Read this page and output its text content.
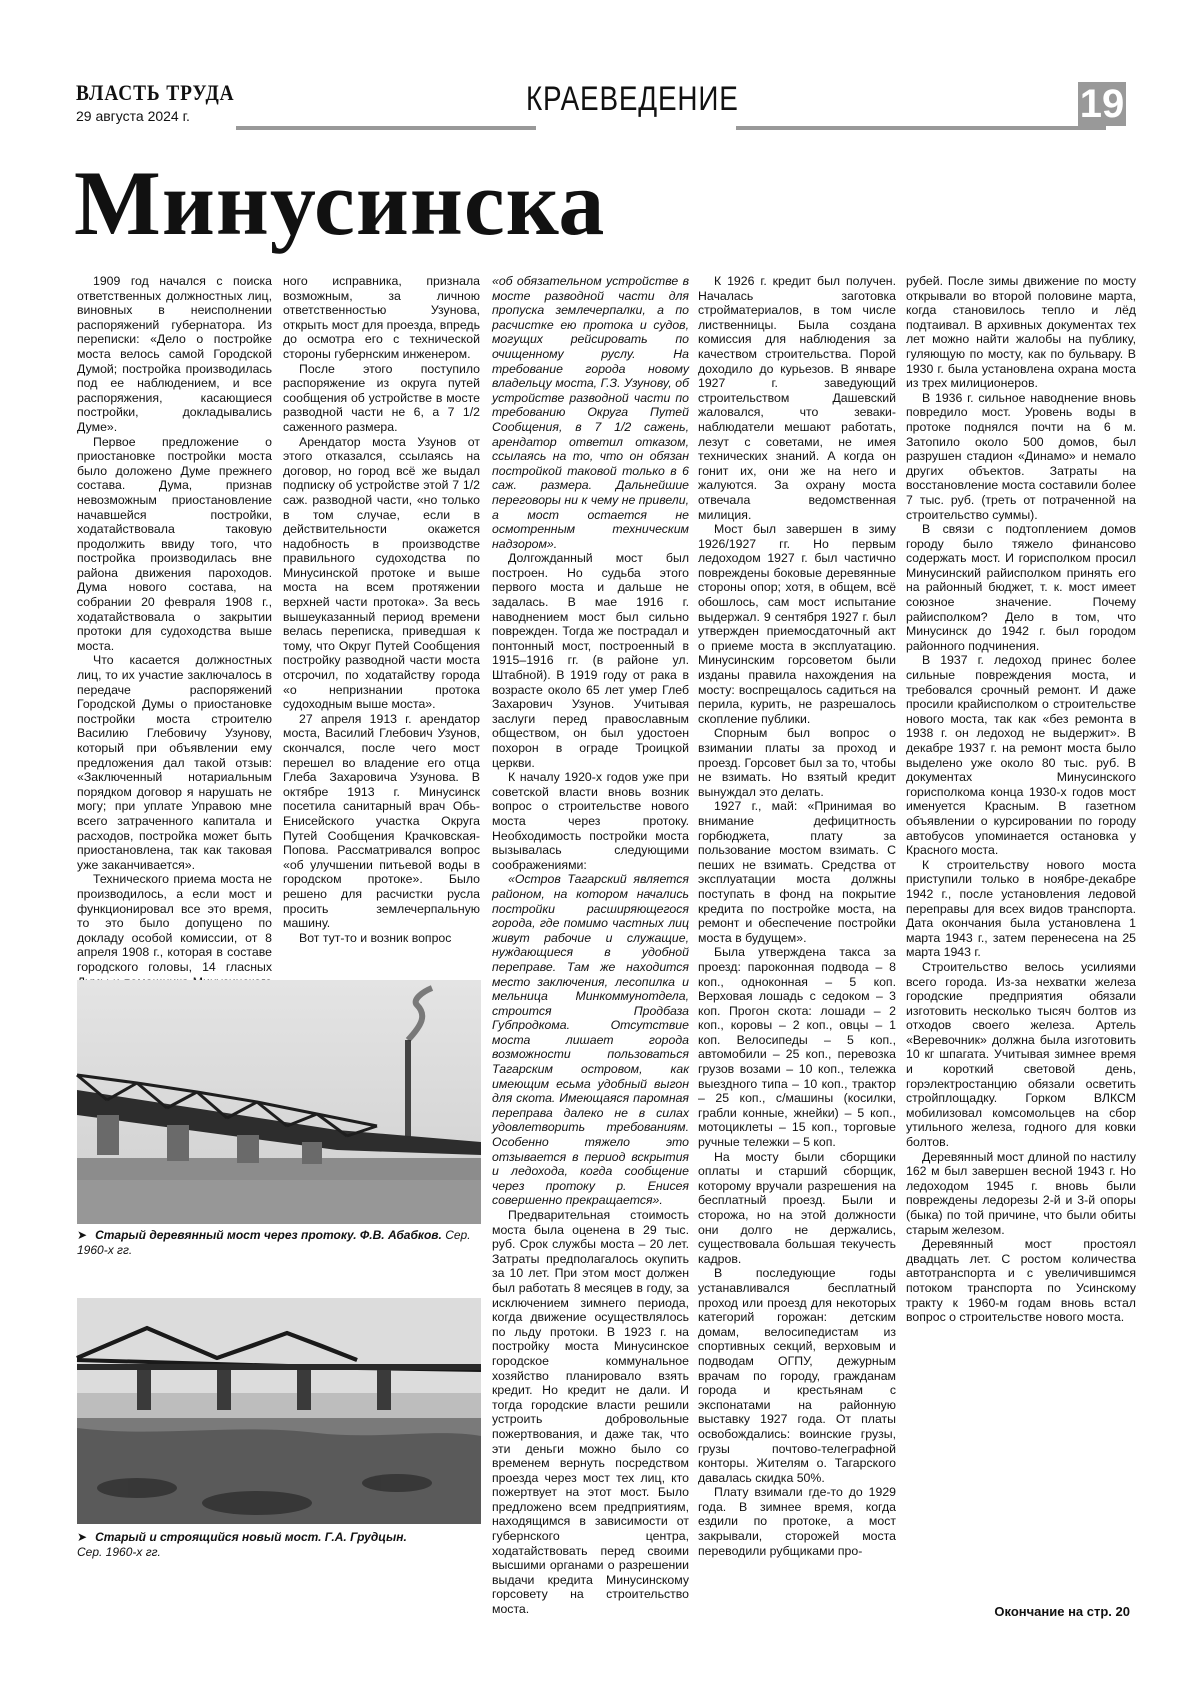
ВЛАСТЬ ТРУДА
29 августа 2024 г.	КРАЕВЕДЕНИЕ	19
Минусинска

1909 год начался с поиска ответственных должностных лиц, виновных в неисполнении распоряжений губернатора. Из переписки: «Дело о постройке моста велось самой Городской Думой; постройка производилась под ее наблюдением, и все распоряжения, касающиеся постройки, докладывались Думе».

Первое предложение о приостановке постройки моста было доложено Думе прежнего состава. Дума, признав невозможным приостановление начавшейся постройки, ходатайствовала таковую продолжить ввиду того, что постройка производилась вне района движения пароходов. Дума нового состава, на собрании 20 февраля 1908 г., ходатайствовала о закрытии протоки для судоходства выше моста.

Что касается должностных лиц, то их участие заключалось в передаче распоряжений Городской Думы о приостановке постройки моста строителю Василию Глебовичу Узунову, который при объявлении ему предложения дал такой отзыв: «Заключенный нотариальным порядком договор я нарушать не могу; при уплате Управою мне всего затраченного капитала и расходов, постройка может быть приостановлена, так как таковая уже заканчивается».

Технического приема моста не производилось, а если мост и функционировал все это время, то это было допущено по докладу особой комиссии, от 8 апреля 1908 г., которая в составе городского головы, 14 гласных

ного исправника, признала возможным, за личною ответственностью Узунова, открыть мост для проезда, впредь до осмотра его с технической стороны губернским инженером.

После этого поступило распоряжение из округа путей сообщения об устройстве в мосте разводной части не 6, а 7 1/2 саженного размера.

Арендатор моста Узунов от этого отказался, ссылаясь на договор, но город всё же выдал подписку об устройстве этой 7 1/2 саж. разводной части, «но только в том случае, если в действительности окажется надобность в производстве правильного судоходства по Минусинской протоке и выше моста на всем протяжении верхней части протока». За весь вышеуказанный период времени велась переписка, приведшая к тому, что Округ Путей Сообщения постройку разводной части моста отсрочил, по ходатайству города «о непризнании протока судоходным выше моста».

27 апреля 1913 г. арендатор моста, Василий Глебович Узунов, скончался, после чего мост перешел во владение его отца Глеба Захаровича Узунова. В октябре 1913 г. Минусинск посетила санитарный врач Обь-Енисейского участка Округа Путей Сообщения Крачковская-Попова. Рассматривался вопрос «об улучшении питьевой воды в городском протоке». Было решено для расчистки русла просить землечерпальную машину.

Вот тут-то и возник вопрос

«об обязательном устройстве в мосте разводной части для пропуска землечерпалки, а по расчистке ею протока и судов, могущих рейсировать по очищенному руслу. На требование города новому владельцу моста, Г.З. Узунову, об устройстве разводной части по требованию Округа Путей Сообщения, в 7 1/2 сажень, арендатор ответил отказом, ссылаясь на то, что он обязан постройкой таковой только в 6 саж. размера. Дальнейшие переговоры ни к чему не привели, а мост остается не осмотренным техническим надзором».

Долгожданный мост был построен. Но судьба этого первого моста и дальше не задалась. В мае 1916 г. наводнением мост был сильно поврежден. Тогда же пострадал и понтонный мост, построенный в 1915–1916 гг. (в районе ул. Штабной). В 1919 году от рака в возрасте около 65 лет умер Глеб Захарович Узунов. Учитывая заслуги перед православным обществом, он был удостоен похорон в ограде Троицкой церкви.

К началу 1920-х годов уже при советской власти вновь возник вопрос о строительстве нового моста через протоку. Необходимость постройки моста вызывалась следующими соображениями:

«Остров Тагарский является районом, на котором начались постройки расширяющегося города, где помимо частных лиц живут рабочие и служащие, нуждающиеся в удобной переправе. Там же находится место заключения, лесопилка и мельница Минкоммунотдела, строится Продбаза Губпродкома. Отсутствие моста лишает города возможности пользоваться Тагарским островом, как имеющим есьма удобный выгон для скота. Имеющаяся паромная переправа далеко не в силах удовлетворить требованиям. Особенно тяжело это отзывается в период вскрытия и ледохода, когда сообщение через протоку р. Енисея совершенно прекращается».

Предварительная стоимость моста была оценена в 29 тыс. руб. Срок службы моста – 20 лет. Затраты предполагалось окупить за 10 лет. При этом мост должен был работать 8 месяцев в году, за исключением зимнего периода, когда движение осуществлялось по льду протоки. В 1923 г. на постройку моста Минусинское городское коммунальное хозяйство планировало взять кредит. Но кредит не дали. И тогда городские власти решили устроить добровольные пожертвования, и даже так, что эти деньги можно было со временем вернуть посредством проезда через мост тех лиц, кто пожертвует на этот мост. Было предложено всем предприятиям, находящимся в зависимости от губернского центра, ходатайствовать перед своими высшими органами о разрешении выдачи кредита Минусинскому горсовету на строительство моста.

К 1926 г. кредит был получен. Началась заготовка стройматериалов, в том числе лиственницы. Была создана комиссия для наблюдения за качеством строительства. Порой доходило до курьезов. В январе 1927 г. заведующий строительством Дашевский жаловался, что зеваки-наблюдатели мешают работать, лезут с советами, не имея технических знаний. А когда он гонит их, они же на него и жалуются. За охрану моста отвечала ведомственная милиция.

Мост был завершен в зиму 1926/1927 гг. Но первым ледоходом 1927 г. был частично повреждены боковые деревянные стороны опор; хотя, в общем, всё обошлось, сам мост испытание выдержал. 9 сентября 1927 г. был утвержден приемосдаточный акт о приеме моста в эксплуатацию. Минусинским горсоветом были изданы правила нахождения на мосту: воспрещалось садиться на перила, курить, не разрешалось скопление публики.

Спорным был вопрос о взимании платы за проход и проезд. Горсовет был за то, чтобы не взимать. Но взятый кредит вынуждал это делать.

1927 г., май: «Принимая во внимание дефицитность горбюджета, плату за пользование мостом взимать. С пеших не взимать. Средства от эксплуатации моста должны поступать в фонд на покрытие кредита по постройке моста, на ремонт и обеспечение постройки моста в будущем».

Была утверждена такса за проезд: пароконная подвода – 8 коп., одноконная – 5 коп. Верховая лошадь с седоком – 3 коп. Прогон скота: лошади – 2 коп., коровы – 2 коп., овцы – 1 коп. Велосипеды – 5 коп., автомобили – 25 коп., перевозка грузов возами – 10 коп., тележка выездного типа – 10 коп., трактор – 25 коп., с/машины (косилки, грабли конные, жнейки) – 5 коп., мотоциклеты – 15 коп., торговые ручные тележки – 5 коп.

На мосту были сборщики оплаты и старший сборщик, которому вручали разрешения на бесплатный проезд. Были и сторожа, но на этой должности они долго не держались, существовала большая текучесть кадров.

В последующие годы устанавливался бесплатный проход или проезд для некоторых категорий горожан: детским домам, велосипедистам из спортивных секций, верховым и подводам ОГПУ, дежурным врачам по городу, гражданам города и крестьянам с экспонатами на районную выставку 1927 года. От платы освобождались: воинские грузы, грузы почтово-телеграфной конторы. Жителям о. Тагарского давалась скидка 50%.

Плату взимали где-то до 1929 года. В зимнее время, когда ездили по протоке, а мост закрывали, сторожей моста переводили рубщиками про-

рубей. После зимы движение по мосту открывали во второй половине марта, когда становилось тепло и лёд подтаивал. В архивных документах тех лет можно найти жалобы на публику, гуляющую по мосту, как по бульвару. В 1930 г. была установлена охрана моста из трех милиционеров.

В 1936 г. сильное наводнение вновь повредило мост. Уровень воды в протоке поднялся почти на 6 м. Затопило около 500 домов, был разрушен стадион «Динамо» и немало других объектов. Затраты на восстановление моста составили более 7 тыс. руб. (треть от потраченной на строительство суммы).

В связи с подтоплением домов городу было тяжело финансово содержать мост. И горисполком просил Минусинский райисполком принять его на районный бюджет, т. к. мост имеет союзное значение. Почему райисполком? Дело в том, что Минусинск до 1942 г. был городом районного подчинения.

В 1937 г. ледоход принес более сильные повреждения моста, и требовался срочный ремонт. И даже просили крайисполком о строительстве нового моста, так как «без ремонта в 1938 г. он ледоход не выдержит». В декабре 1937 г. на ремонт моста было выделено уже около 80 тыс. руб. В документах Минусинского горисполкома конца 1930-х годов мост именуется Красным. В газетном объявлении о курсировании по городу автобусов упоминается остановка у Красного моста.

К строительству нового моста приступили только в ноябре-декабре 1942 г., после установления ледовой переправы для всех видов транспорта. Дата окончания была установлена 1 марта 1943 г., затем перенесена на 25 марта 1943 г.

Строительство велось усилиями всего города. Из-за нехватки железа городские предприятия обязали изготовить несколько тысяч болтов из отходов своего железа. Артель «Веревочник» должна была изготовить 10 кг шпагата. Учитывая зимнее время и короткий световой день, горэлектростанцию обязали осветить стройплощадку. Горком ВЛКСМ мобилизовал комсомольцев на сбор утильного железа, годного для ковки болтов.

Деревянный мост длиной по настилу 162 м был завершен весной 1943 г. Но ледоходом 1945 г. вновь были повреждены ледорезы 2-й и 3-й опоры (быка) по той причине, что были обиты старым железом.

Деревянный мост простоял двадцать лет. С ростом количества автотранспорта и с увеличившимся потоком транспорта по Усинскому тракту к 1960-м годам вновь встал вопрос о строительстве нового моста.

➤ Старый деревянный мост через протоку. Ф.В. Абабков. Сер. 1960-х гг.
➤ Старый и строящийся новый мост. Г.А. Грудцын.
Сер. 1960-х гг.
Окончание на стр. 20
